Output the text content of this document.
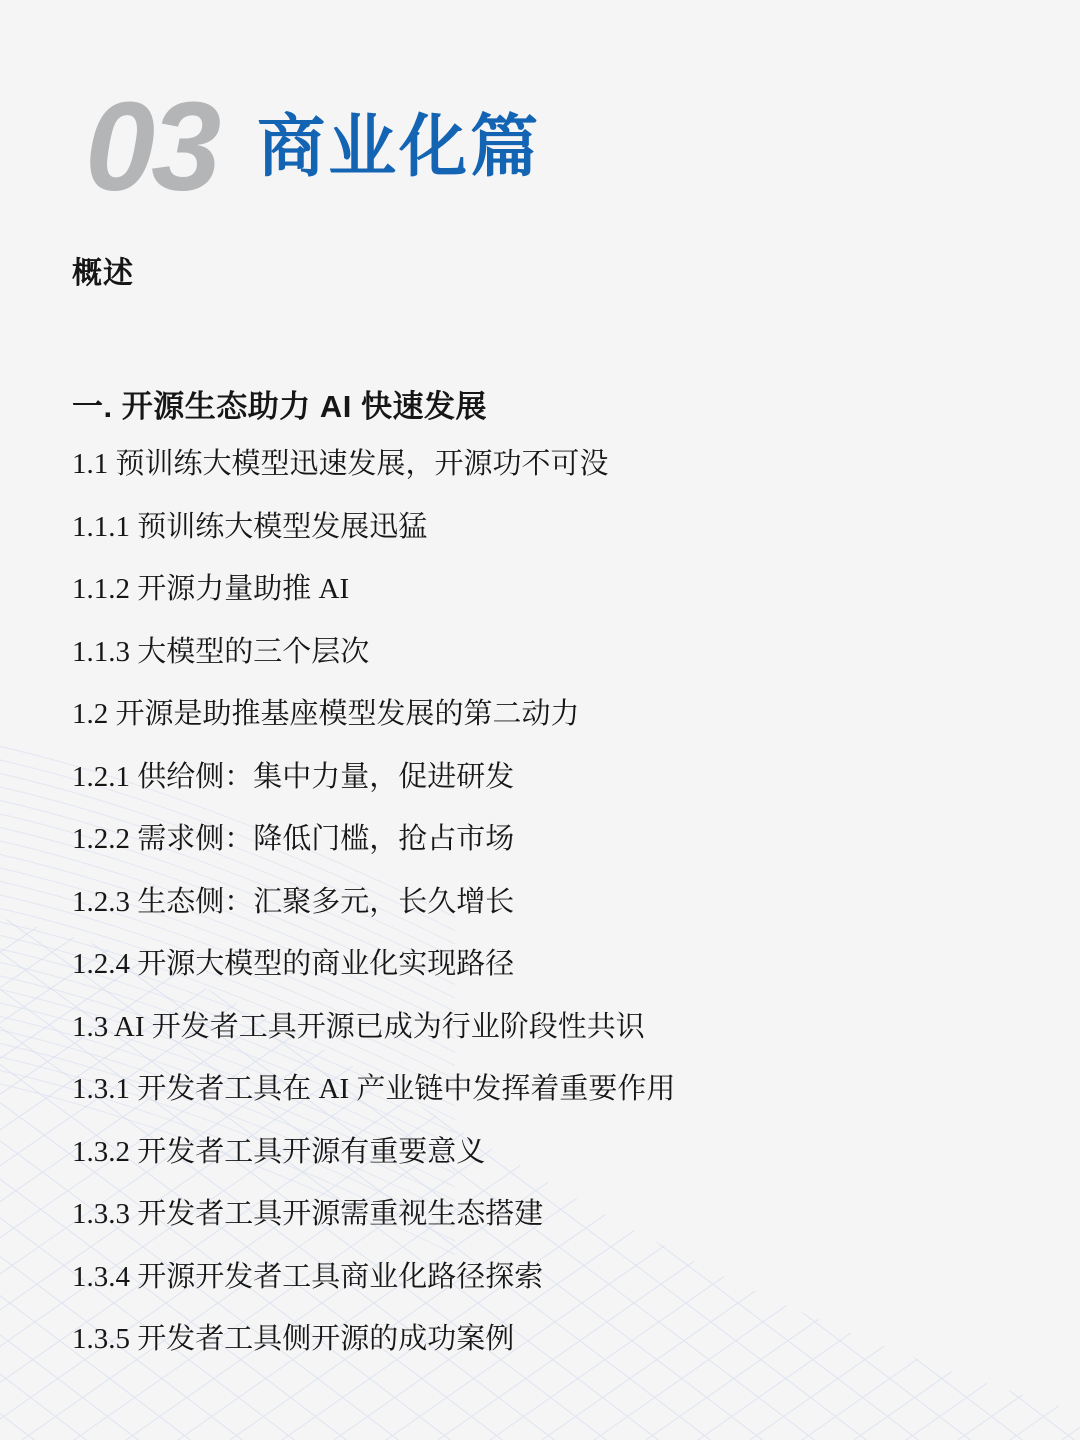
03 商业化篇
概述
一. 开源生态助力 AI 快速发展
1.1 预训练大模型迅速发展，开源功不可没
1.1.1 预训练大模型发展迅猛
1.1.2 开源力量助推 AI
1.1.3 大模型的三个层次
1.2 开源是助推基座模型发展的第二动力
1.2.1 供给侧：集中力量，促进研发
1.2.2 需求侧：降低门槛，抢占市场
1.2.3 生态侧：汇聚多元，长久增长
1.2.4 开源大模型的商业化实现路径
1.3 AI 开发者工具开源已成为行业阶段性共识
1.3.1 开发者工具在 AI 产业链中发挥着重要作用
1.3.2 开发者工具开源有重要意义
1.3.3 开发者工具开源需重视生态搭建
1.3.4 开源开发者工具商业化路径探索
1.3.5 开发者工具侧开源的成功案例
